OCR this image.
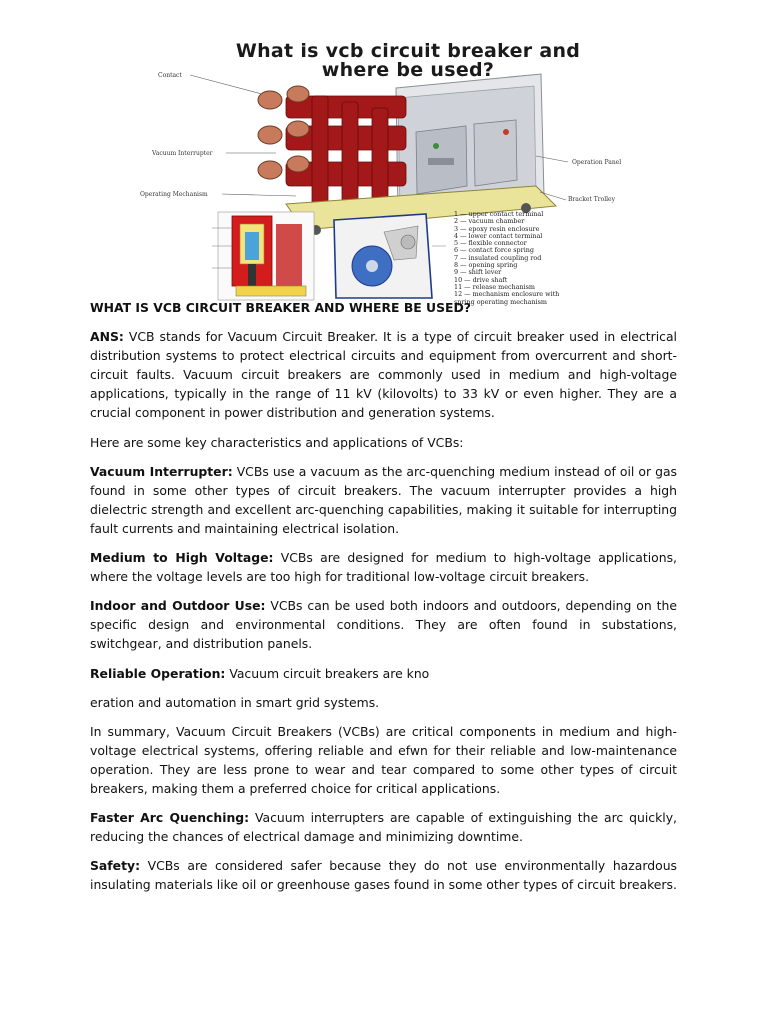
What is vcb circuit breaker and
where be used?
Contact
Vacuum Interrupter
Operating Mechanism
Operation Panel
Bracket Trolley
1 — upper contact terminal
2 — vacuum chamber
3 — epoxy resin enclosure
4 — lower contact terminal
5 — flexible connector
6 — contact force spring
7 — insulated coupling rod
8 — opening spring
9 — shift lever
10 — drive shaft
11 — release mechanism
12 — mechanism enclosure with
spring operating mechanism

WHAT IS VCB CIRCUIT BREAKER AND WHERE BE USED?

ANS: VCB stands for Vacuum Circuit Breaker. It is a type of circuit breaker used in electrical distribution systems to protect electrical circuits and equipment from overcurrent and short-circuit faults. Vacuum circuit breakers are commonly used in medium and high-voltage applications, typically in the range of 11 kV (kilovolts) to 33 kV or even higher. They are a crucial component in power distribution and generation systems.

Here are some key characteristics and applications of VCBs:

Vacuum Interrupter: VCBs use a vacuum as the arc-quenching medium instead of oil or gas found in some other types of circuit breakers. The vacuum interrupter provides a high dielectric strength and excellent arc-quenching capabilities, making it suitable for interrupting fault currents and maintaining electrical isolation.

Medium to High Voltage: VCBs are designed for medium to high-voltage applications, where the voltage levels are too high for traditional low-voltage circuit breakers.

Indoor and Outdoor Use: VCBs can be used both indoors and outdoors, depending on the specific design and environmental conditions. They are often found in substations, switchgear, and distribution panels.

Reliable Operation: Vacuum circuit breakers are kno

eration and automation in smart grid systems.

In summary, Vacuum Circuit Breakers (VCBs) are critical components in medium and high-voltage electrical systems, offering reliable and efwn for their reliable and low-maintenance operation. They are less prone to wear and tear compared to some other types of circuit breakers, making them a preferred choice for critical applications.

Faster Arc Quenching: Vacuum interrupters are capable of extinguishing the arc quickly, reducing the chances of electrical damage and minimizing downtime.

Safety: VCBs are considered safer because they do not use environmentally hazardous insulating materials like oil or greenhouse gases found in some other types of circuit breakers.
